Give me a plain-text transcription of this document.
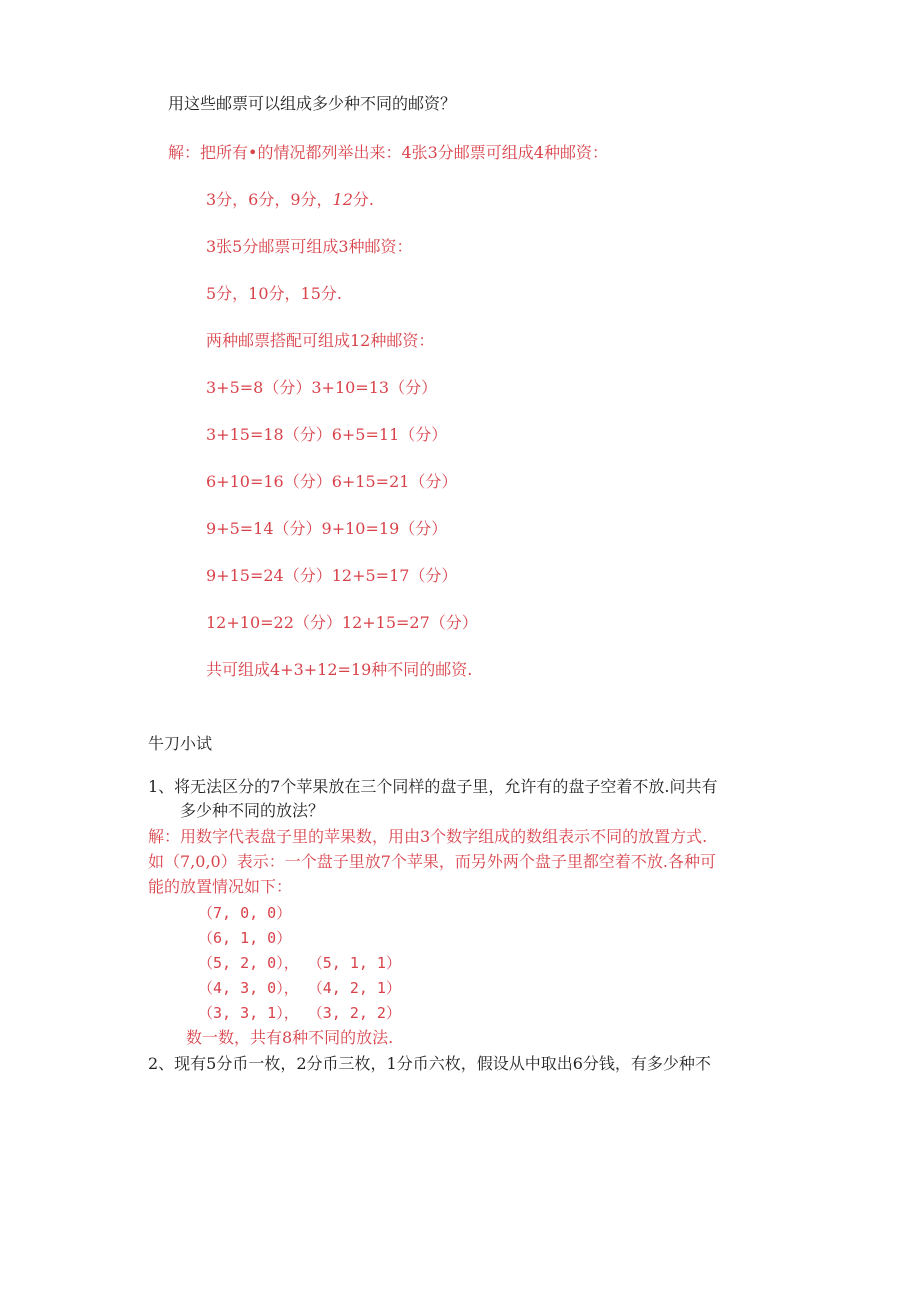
用这些邮票可以组成多少种不同的邮资？
解：把所有•的情况都列举出来：4张3分邮票可组成4种邮资：
3分，6分，9分，12分.
3张5分邮票可组成3种邮资：
5分，10分，15分.
两种邮票搭配可组成12种邮资：
3+5=8（分）3+10=13（分）
3+15=18（分）6+5=11（分）
6+10=16（分）6+15=21（分）
9+5=14（分）9+10=19（分）
9+15=24（分）12+5=17（分）
12+10=22（分）12+15=27（分）
共可组成4+3+12=19种不同的邮资.
牛刀小试
1、将无法区分的7个苹果放在三个同样的盘子里，允许有的盘子空着不放.问共有
多少种不同的放法？
解：用数字代表盘子里的苹果数，用由3个数字组成的数组表示不同的放置方式.
如（7,0,0）表示：一个盘子里放7个苹果，而另外两个盘子里都空着不放.各种可
能的放置情况如下：
（7, 0, 0）
（6, 1, 0）
（5, 2, 0）， （5, 1, 1）
（4, 3, 0）， （4, 2, 1）
（3, 3, 1）， （3, 2, 2）
数一数，共有8种不同的放法.
2、现有5分币一枚，2分币三枚，1分币六枚，假设从中取出6分钱，有多少种不
